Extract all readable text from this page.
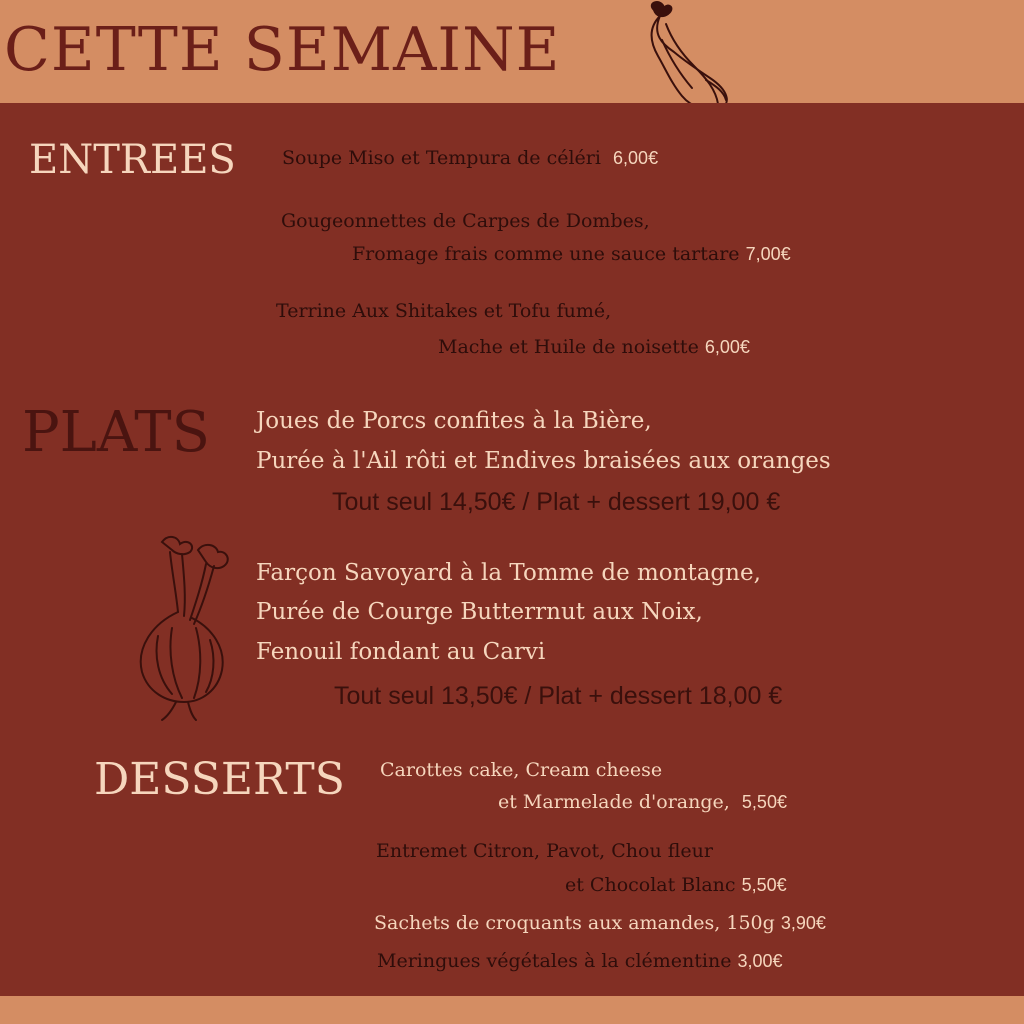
CETTE SEMAINE
ENTREES Soupe Miso et Tempura de céléri 6,00€
Gougeonnettes de Carpes de Dombes,
Fromage frais comme une sauce tartare 7,00€
Terrine Aux Shitakes et Tofu fumé,
Mache et Huile de noisette 6,00€
PLATS Joues de Porcs confites à la Bière,
Purée à l'Ail rôti et Endives braisées aux oranges
Tout seul 14,50€ / Plat + dessert 19,00 €
Farçon Savoyard à la Tomme de montagne,
Purée de Courge Butterrnut aux Noix,
Fenouil fondant au Carvi
Tout seul 13,50€ / Plat + dessert 18,00 €
DESSERTS Carottes cake, Cream cheese
et Marmelade d'orange, 5,50€
Entremet Citron, Pavot, Chou fleur
et Chocolat Blanc 5,50€
Sachets de croquants aux amandes, 150g 3,90€
Meringues végétales à la clémentine 3,00€
